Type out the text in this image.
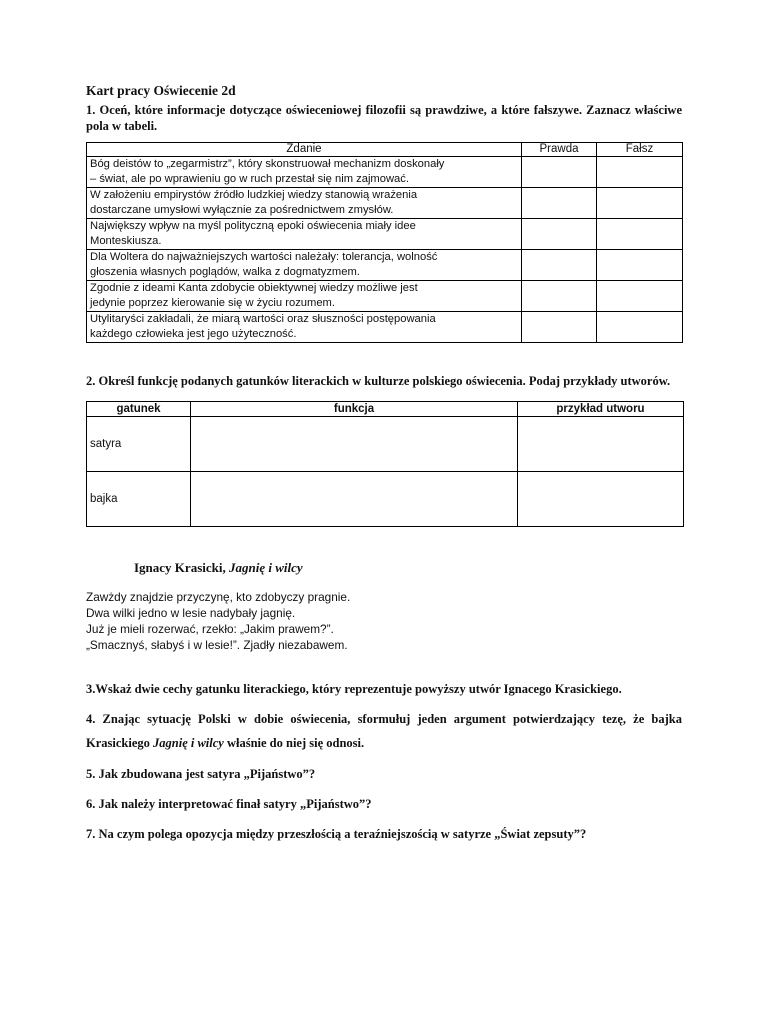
Kart pracy Oświecenie 2d

1. Oceń, które informacje dotyczące oświeceniowej filozofii są prawdziwe, a które fałszywe. Zaznacz właściwe pola w tabeli.

Zdanie	Prawda	Fałsz

Bóg deistów to „zegarmistrz”, który skonstruował mechanizm doskonały
– świat, ale po wprawieniu go w ruch przestał się nim zajmować.		

W założeniu empirystów źródło ludzkiej wiedzy stanowią wrażenia
dostarczane umysłowi wyłącznie za pośrednictwem zmysłów.		

Największy wpływ na myśl polityczną epoki oświecenia miały idee
Monteskiusza.		

Dla Woltera do najważniejszych wartości należały: tolerancja, wolność
głoszenia własnych poglądów, walka z dogmatyzmem.		

Zgodnie z ideami Kanta zdobycie obiektywnej wiedzy możliwe jest
jedynie poprzez kierowanie się w życiu rozumem.		

Utylitaryści zakładali, że miarą wartości oraz słuszności postępowania
każdego człowieka jest jego użyteczność.		

2. Określ funkcję podanych gatunków literackich w kulturze polskiego oświecenia. Podaj przykłady utworów.

gatunek	funkcja	przykład utworu
satyra		
bajka		
Ignacy Krasicki, Jagnię i wilcy
Zawżdy znajdzie przyczynę, kto zdobyczy pragnie.
Dwa wilki jedno w lesie nadybały jagnię.
Już je mieli rozerwać, rzekło: „Jakim prawem?”.
„Smacznyś, słabyś i w lesie!”. Zjadły niezabawem.

3.Wskaż dwie cechy gatunku literackiego, który reprezentuje powyższy utwór Ignacego Krasickiego.

4. Znając sytuację Polski w dobie oświecenia, sformułuj jeden argument potwierdzający tezę, że bajka Krasickiego Jagnię i wilcy właśnie do niej się odnosi.

5. Jak zbudowana jest satyra „Pijaństwo”?

6. Jak należy interpretować finał satyry „Pijaństwo”?

7. Na czym polega opozycja między przeszłością a teraźniejszością w satyrze „Świat zepsuty”?
